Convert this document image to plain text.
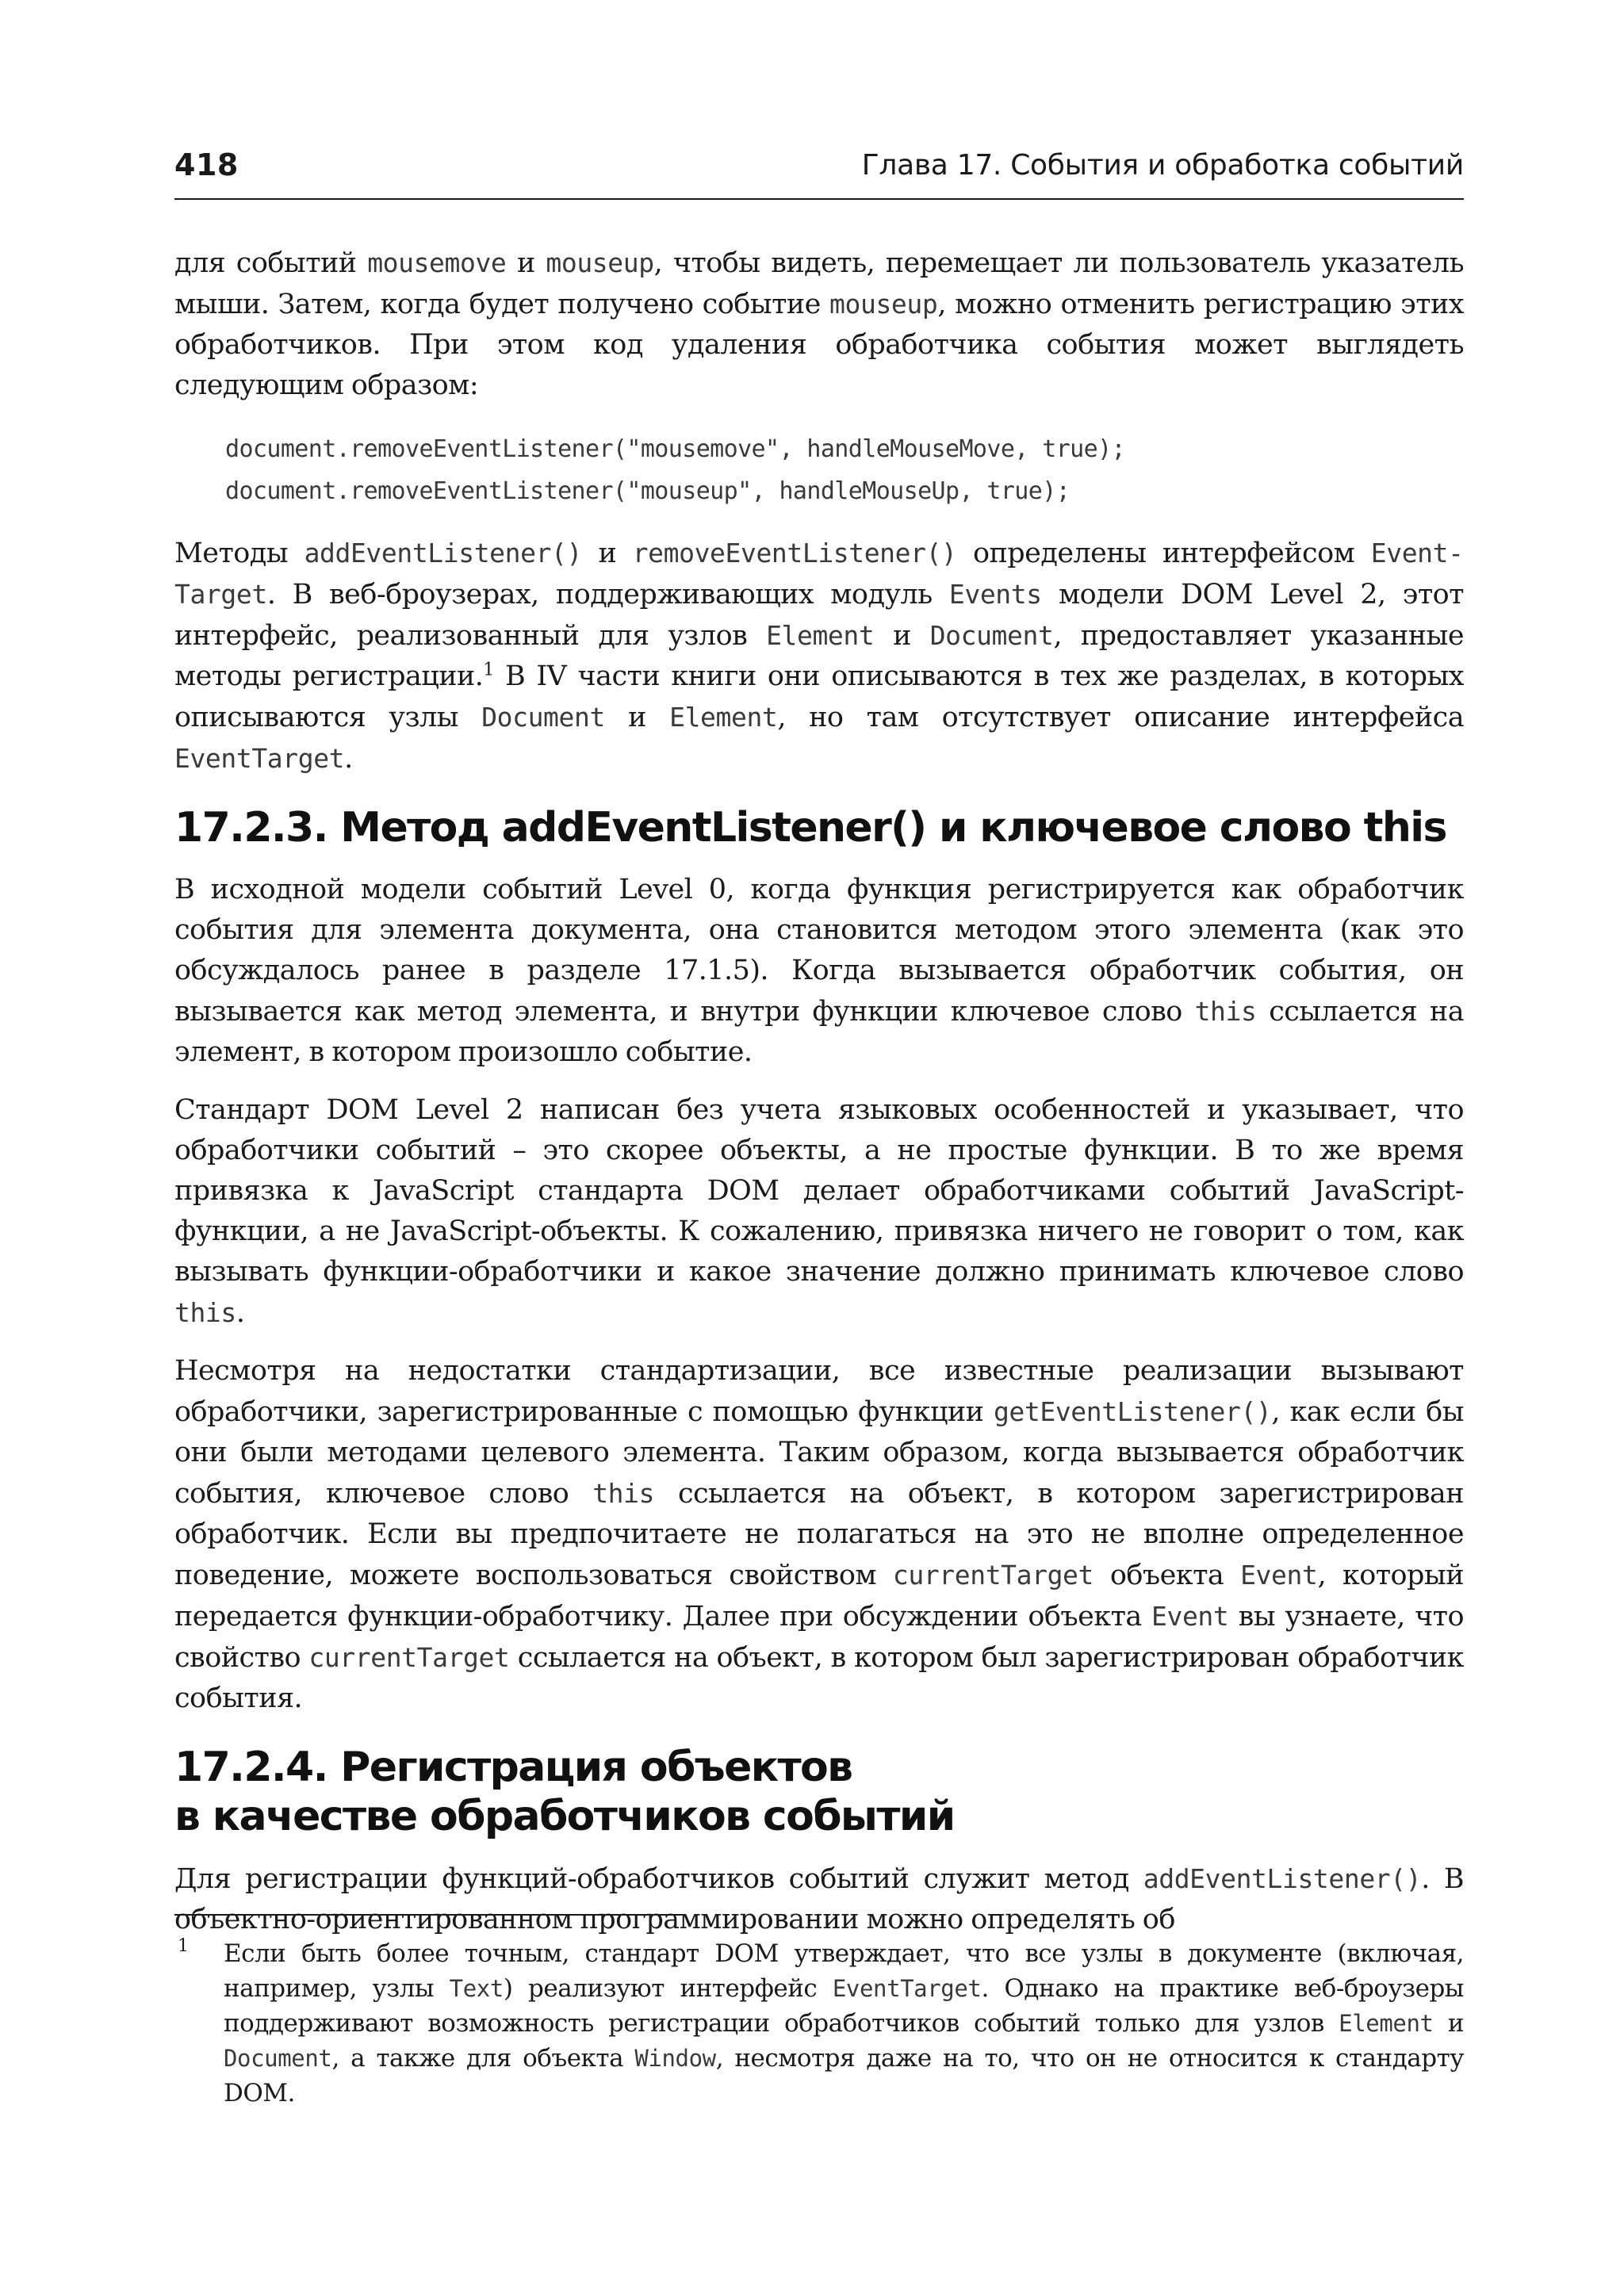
418	Глава 17. События и обработка событий

для событий mousemove и mouseup, чтобы видеть, перемещает ли пользователь указатель мыши. Затем, когда будет получено событие mouseup, можно отменить регистрацию этих обработчиков. При этом код удаления обработчика события может выглядеть следующим образом:

document.removeEventListener("mousemove", handleMouseMove, true);
document.removeEventListener("mouseup", handleMouseUp, true);

Методы addEventListener() и removeEventListener() определены интерфейсом EventTarget. В веб-броузерах, поддерживающих модуль Events модели DOM Level 2, этот интерфейс, реализованный для узлов Element и Document, предоставляет указанные методы регистрации.$^1$ В IV части книги они описываются в тех же разделах, в которых описываются узлы Document и Element, но там отсутствует описание интерфейса EventTarget.

17.2.3. Метод addEventListener() и ключевое слово this

В исходной модели событий Level 0, когда функция регистрируется как обработчик события для элемента документа, она становится методом этого элемента (как это обсуждалось ранее в разделе 17.1.5). Когда вызывается обработчик события, он вызывается как метод элемента, и внутри функции ключевое слово this ссылается на элемент, в котором произошло событие.

Стандарт DOM Level 2 написан без учета языковых особенностей и указывает, что обработчики событий – это скорее объекты, а не простые функции. В то же время привязка к JavaScript стандарта DOM делает обработчиками событий JavaScript-функции, а не JavaScript-объекты. К сожалению, привязка ничего не говорит о том, как вызывать функции-обработчики и какое значение должно принимать ключевое слово this.

Несмотря на недостатки стандартизации, все известные реализации вызывают обработчики, зарегистрированные с помощью функции getEventListener(), как если бы они были методами целевого элемента. Таким образом, когда вызывается обработчик события, ключевое слово this ссылается на объект, в котором зарегистрирован обработчик. Если вы предпочитаете не полагаться на это не вполне определенное поведение, можете воспользоваться свойством currentTarget объекта Event, который передается функции-обработчику. Далее при обсуждении объекта Event вы узнаете, что свойство currentTarget ссылается на объект, в котором был зарегистрирован обработчик события.

17.2.4. Регистрация объектов
в качестве обработчиков событий

Для регистрации функций-обработчиков событий служит метод addEventListener(). В объектно-ориентированном программировании можно определять об

1 Если быть более точным, стандарт DOM утверждает, что все узлы в документе (включая, например, узлы Text) реализуют интерфейс EventTarget. Однако на практике веб-броузеры поддерживают возможность регистрации обработчиков событий только для узлов Element и Document, а также для объекта Window, несмотря даже на то, что он не относится к стандарту DOM.
